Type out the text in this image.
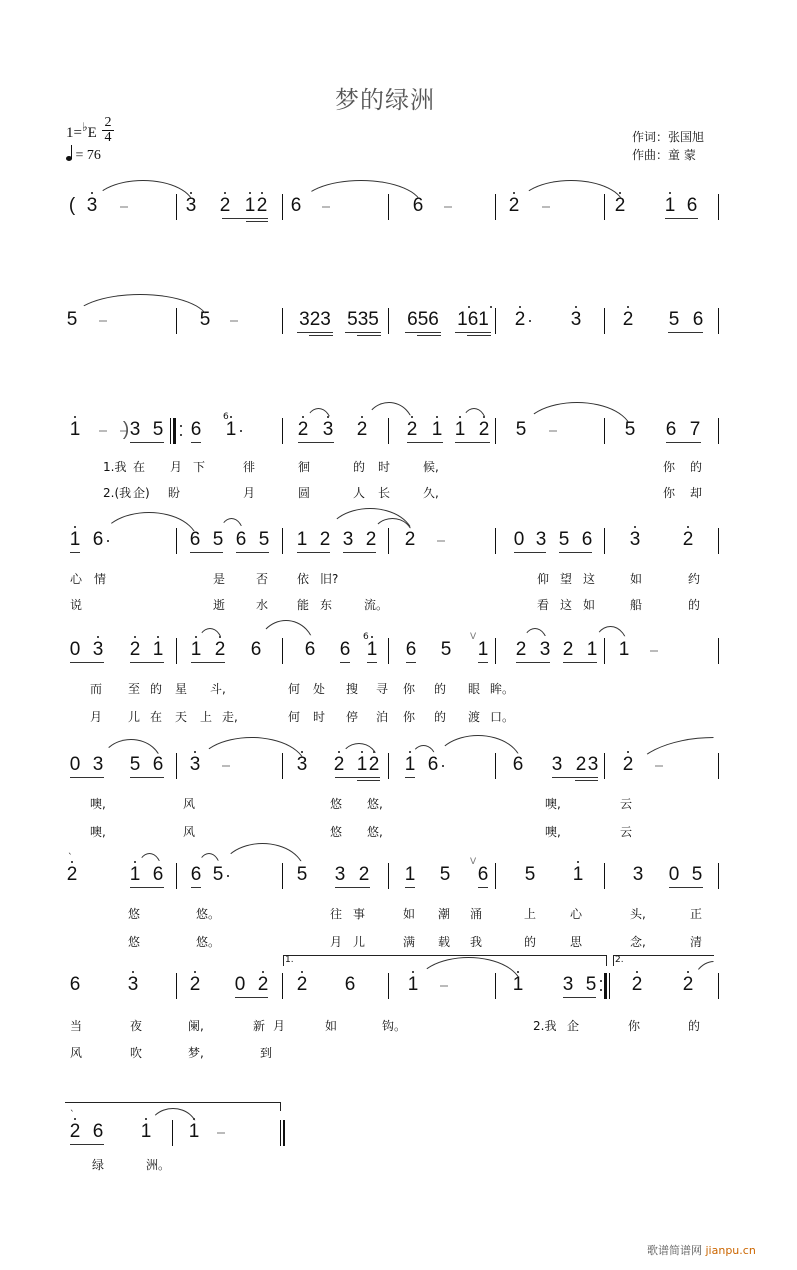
梦的绿洲
$1=^♭E \frac{2}{4}$
= 76
作词：张国旭
作曲：童 蒙
( 3	3 2 1 2 6	6	2	2 1 6
5	5	323 535 656 161 2 3 2 5 6
1 ) 3 5 6
6
1	2 3 2 2 1 1 2 5	5 6 7
1.我 在 月 下	徘	徊	的 时	候,	你 的
2.(我 企) 盼	月	圆	人 长	久,	你 却
1 6	6 5 6 5 1 2 3 2 2	0 3 5 6 3 2
心 情	是	否 依 旧?	仰 望 这	如	约
说	逝	水 能 东	流。	看 这 如	船	的
0 3 2 1 1 2 6 6 6
6
1 6 5
V
1 2 3 2 1 1
而 至 的 星 斗,	何 处 搜 寻 你 的 眼 眸。
月 儿 在 天 上 走,	何 时 停 泊 你 的 渡 口。
0 3 5 6 3	3 2 1 2 1 6	6 3 2 3 2
噢,	风	悠 悠,	噢,	云
噢,	风	悠 悠,	噢,	云
2
`
1 6 6 5	5 3 2 1 5
V
6 5 1	3 0 5
悠	悠。	往 事	如 潮 涌	上	心	头,	正
悠	悠。	月 儿	满 载 我	的	思	念,	清
6 3	2 0 2 2 6	1	1 3 5 2 2
1.	2.
当	夜	阑,	新 月	如	钩。	2.我 企	你	的
风	吹	梦,	到
2
`
6 1 1
绿	洲。
歌谱简谱网 jianpu.cn
